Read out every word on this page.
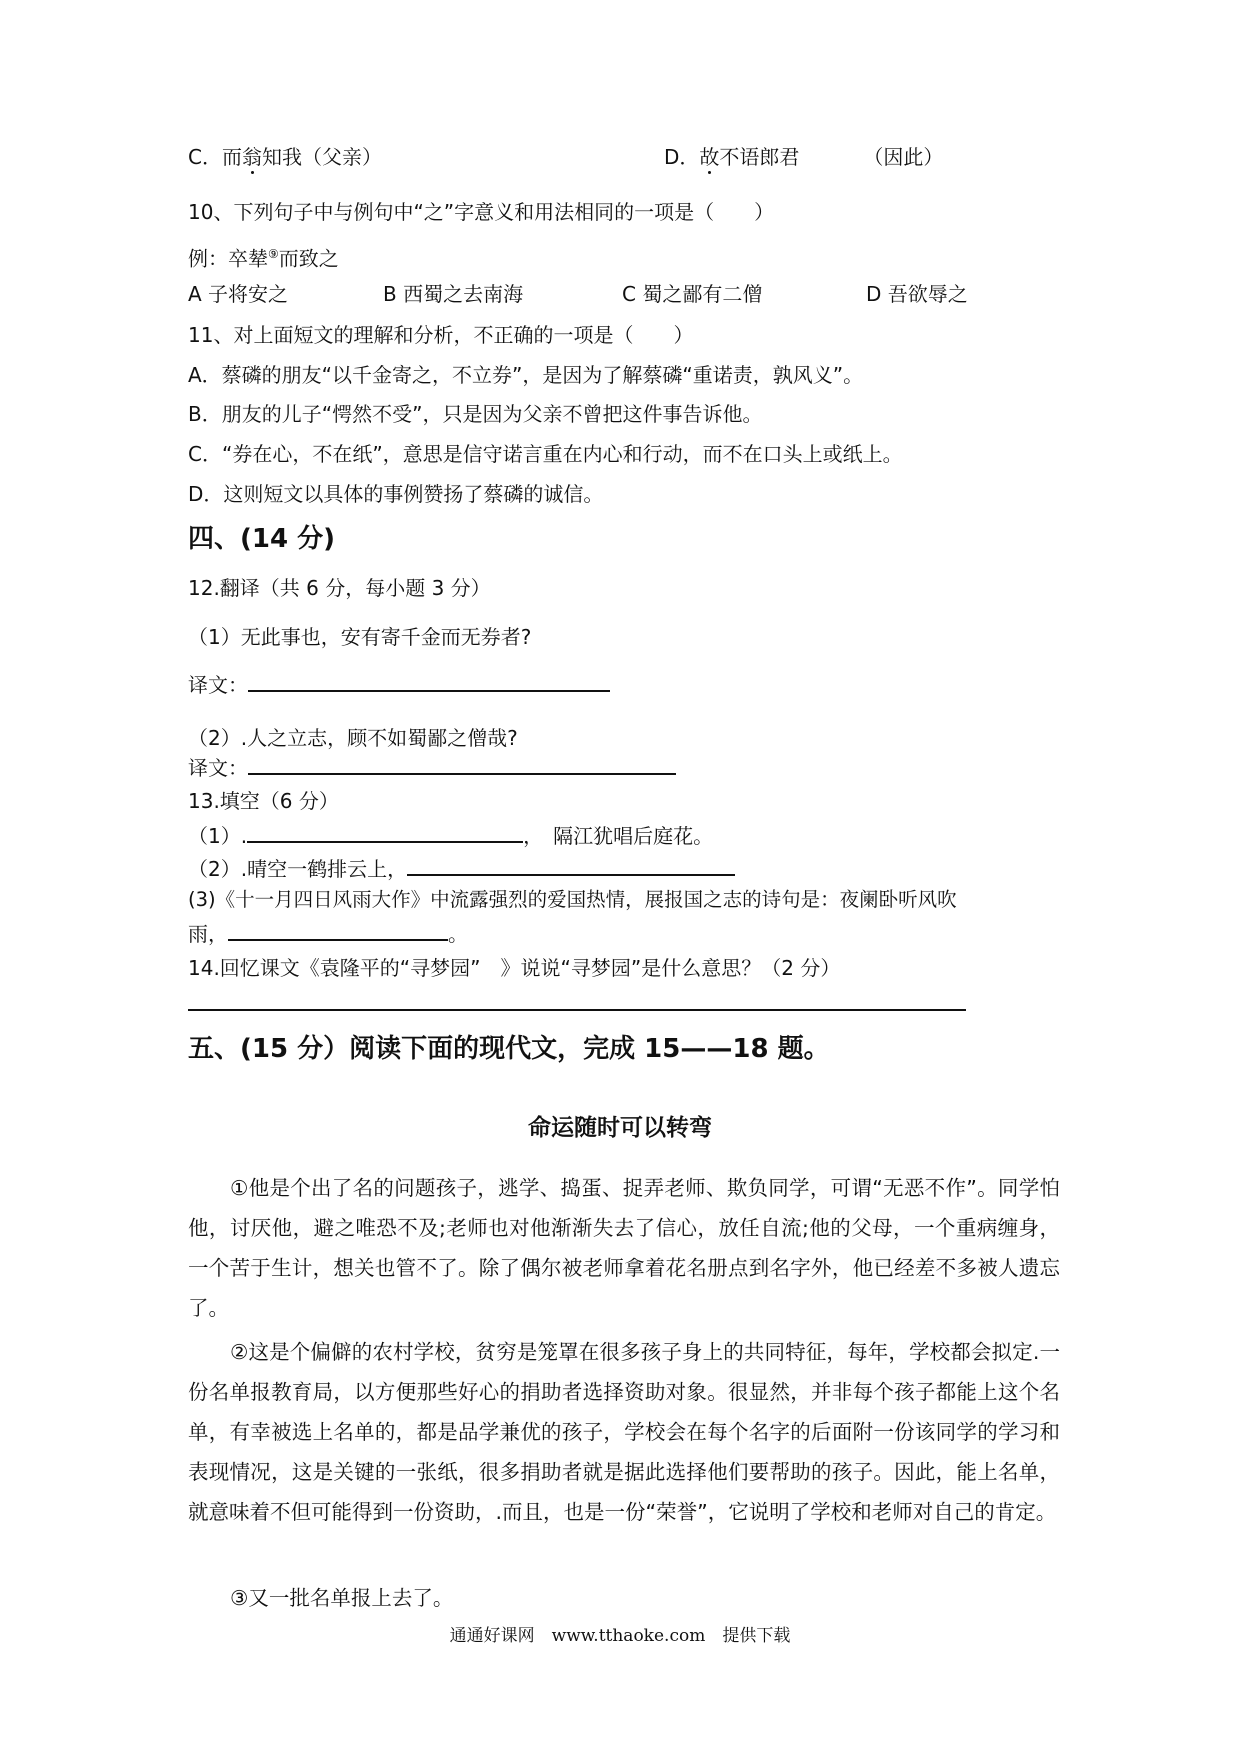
C．而翁知我（父亲）	D．故不语郎君	（因此）
10、下列句子中与例句中“之”字意义和用法相同的一项是（　　）
例：卒辇⑨而致之
A 子将安之	B 西蜀之去南海	C 蜀之鄙有二僧	D 吾欲辱之
11、对上面短文的理解和分析，不正确的一项是（　　）
A．蔡磷的朋友“以千金寄之，不立券”，是因为了解蔡磷“重诺责，孰风义”。
B．朋友的儿子“愕然不受”，只是因为父亲不曾把这件事告诉他。
C．“券在心，不在纸”，意思是信守诺言重在内心和行动，而不在口头上或纸上。
D．这则短文以具体的事例赞扬了蔡磷的诚信。
四、(14 分)
12.翻译（共 6 分，每小题 3 分）
（1）无此事也，安有寄千金而无券者?
译文：
（2）.人之立志，顾不如蜀鄙之僧哉?
译文：
13.填空（6 分）
（1）.	，　隔江犹唱后庭花。
（2）.晴空一鹤排云上，
(3)《十一月四日风雨大作》中流露强烈的爱国热情，展报国之志的诗句是：夜阑卧听风吹
雨，	。
14.回忆课文《袁隆平的“寻梦园”　》说说“寻梦园”是什么意思？（2 分）
五、(15 分）阅读下面的现代文，完成 15——18 题。
命运随时可以转弯
①他是个出了名的问题孩子，逃学、捣蛋、捉弄老师、欺负同学，可谓“无恶不作”。同学怕他，讨厌他，避之唯恐不及;老师也对他渐渐失去了信心，放任自流;他的父母，一个重病缠身，一个苦于生计，想关也管不了。除了偶尔被老师拿着花名册点到名字外，他已经差不多被人遗忘了。
②这是个偏僻的农村学校，贫穷是笼罩在很多孩子身上的共同特征，每年，学校都会拟定.一份名单报教育局，以方便那些好心的捐助者选择资助对象。很显然，并非每个孩子都能上这个名单，有幸被选上名单的，都是品学兼优的孩子，学校会在每个名字的后面附一份该同学的学习和表现情况，这是关键的一张纸，很多捐助者就是据此选择他们要帮助的孩子。因此，能上名单，就意味着不但可能得到一份资助，.而且，也是一份“荣誉”，它说明了学校和老师对自己的肯定。
③又一批名单报上去了。
通通好课网　www.tthaoke.com　提供下载
